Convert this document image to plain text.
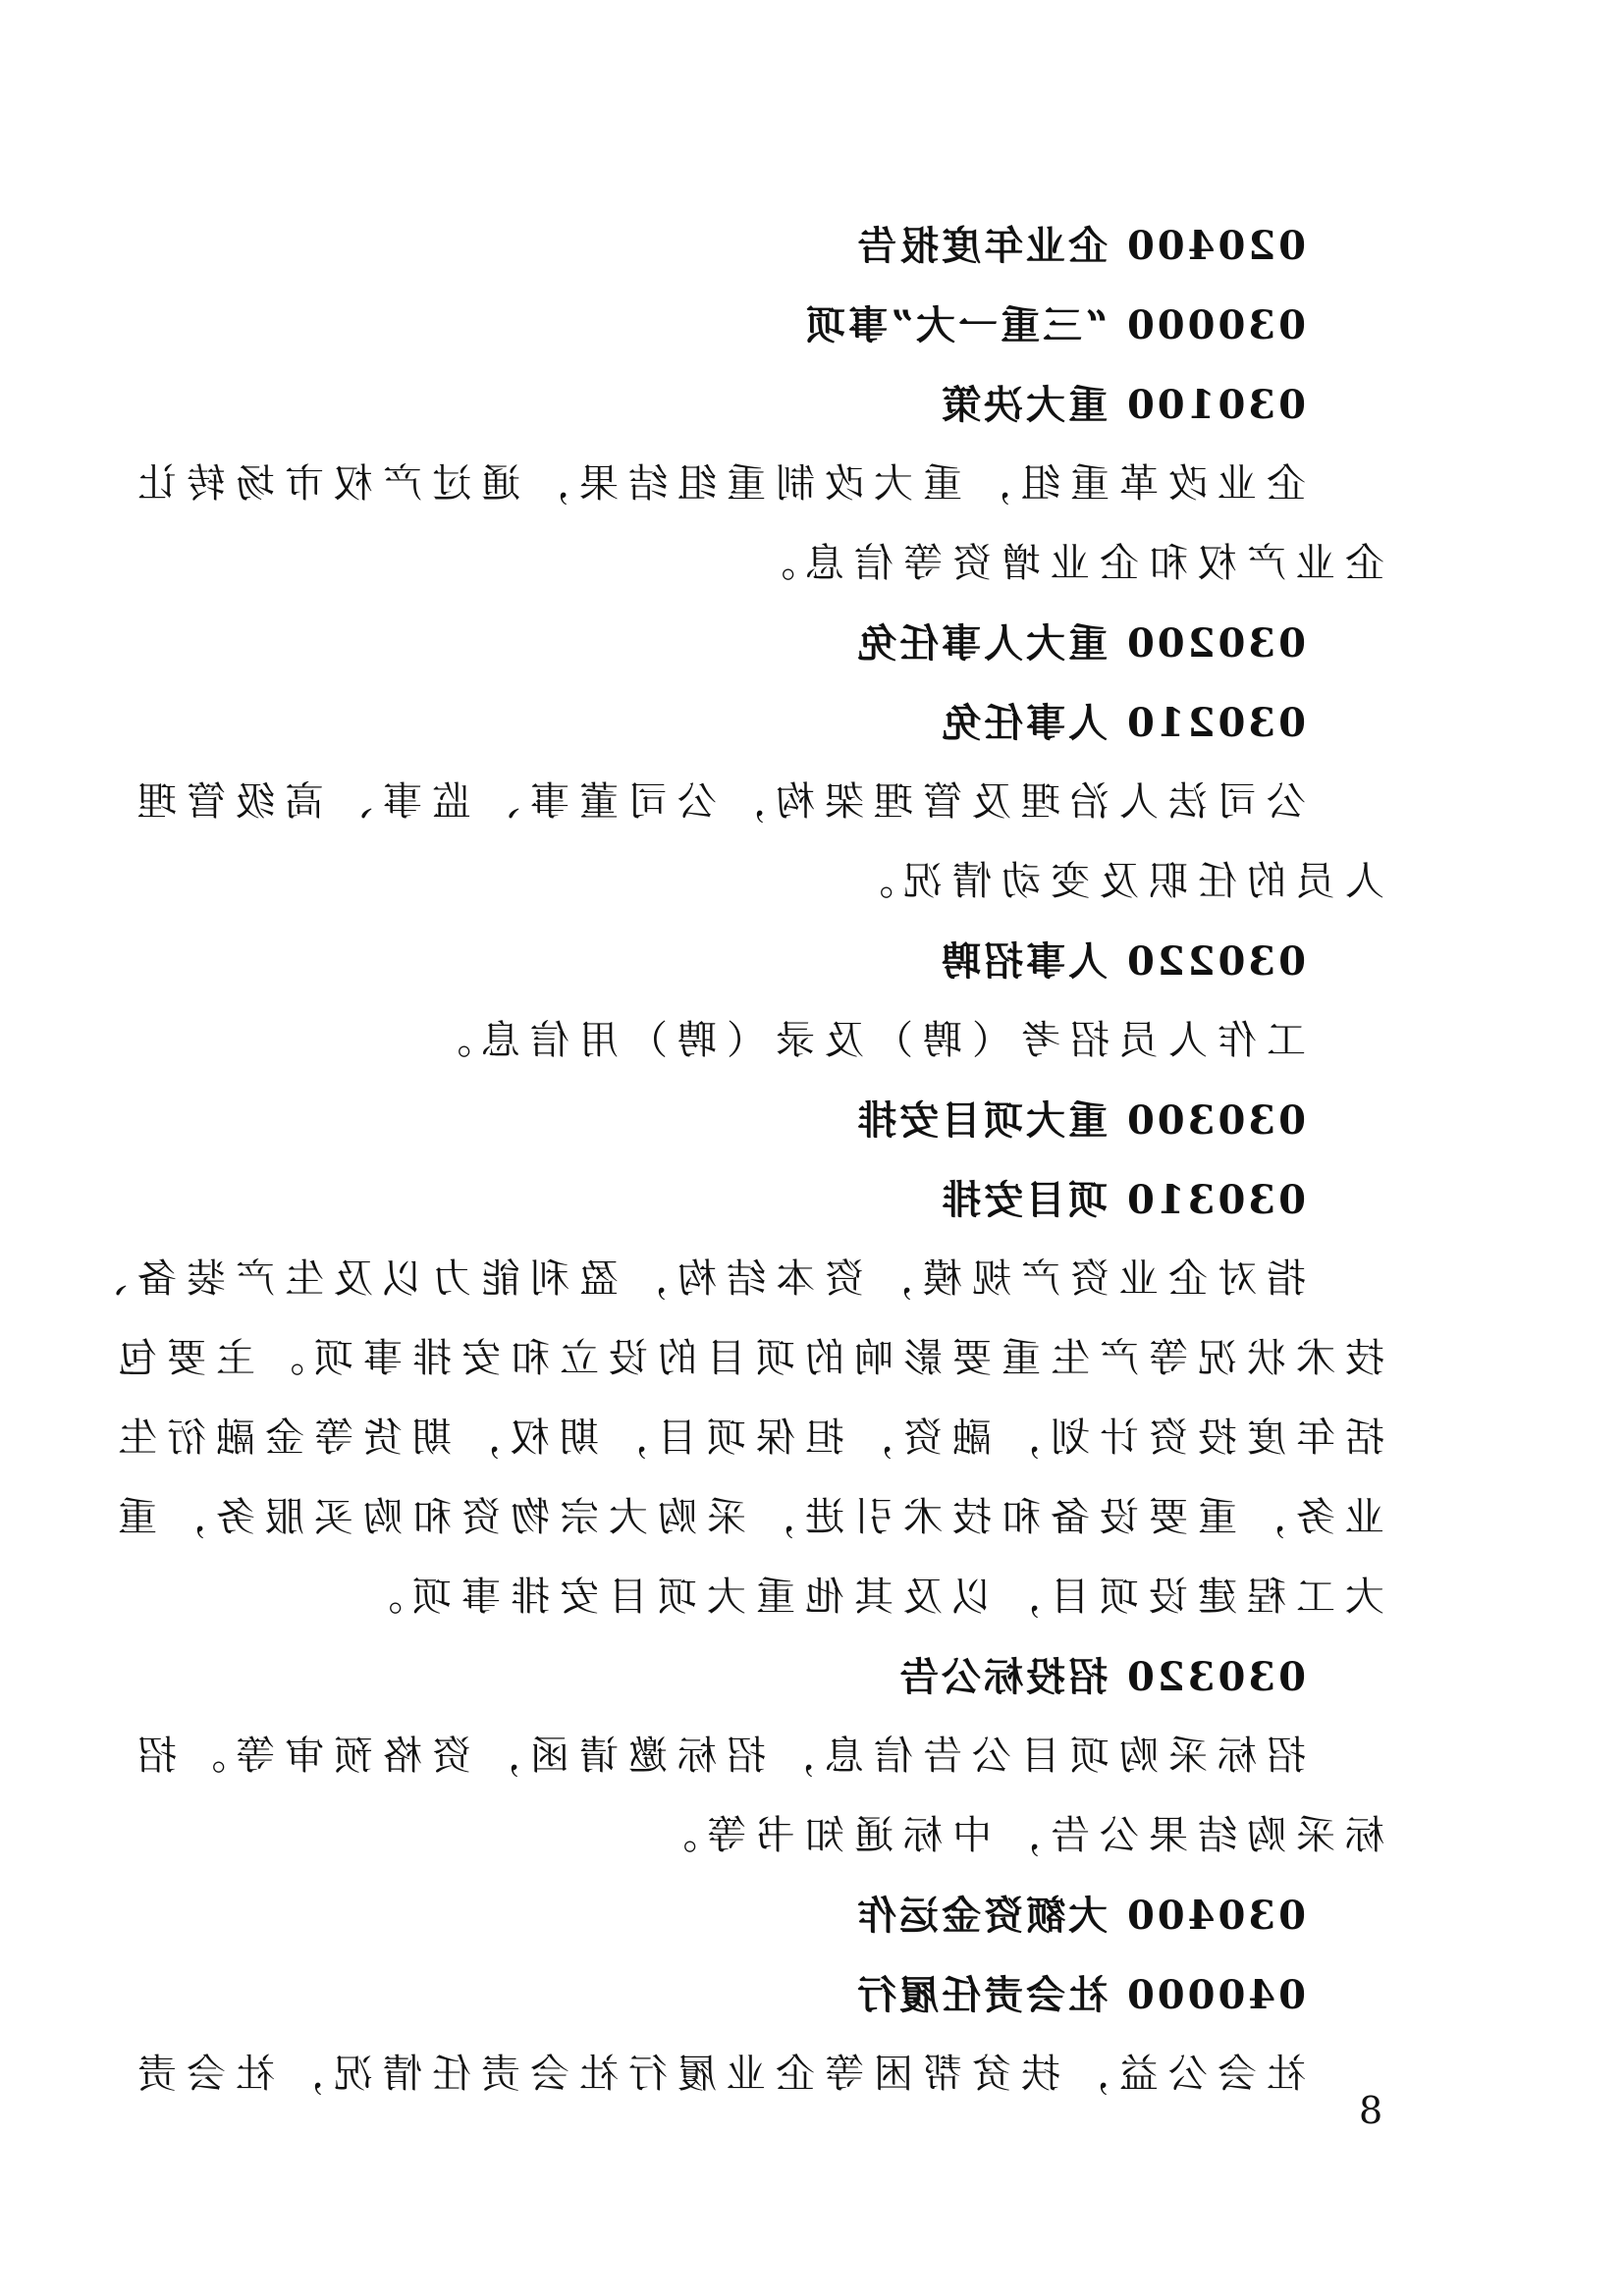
020400 企业年度报告
030000 “三重一大”事项
030100 重大决策
企业改革重组，重大改制重组结果，通过产权市场转让
企业产权和企业增资等信息。
030200 重大人事任免
030210 人事任免
公司法人治理及管理架构，公司董事、监事、高级管理
人员的任职及变动情况。
030220 人事招聘
工作人员招考（聘）及录（聘）用信息。
030300 重大项目安排
030310 项目安排
指对企业资产规模，资本结构，盈利能力以及生产装备、
技术状况等产生重要影响的项目的设立和安排事项。主要包
括年度投资计划，融资，担保项目，期权，期货等金融衍生
业务，重要设备和技术引进，采购大宗物资和购买服务，重
大工程建设项目，以及其他重大项目安排事项。
030320 招投标公告
招标采购项目公告信息，招标邀请函，资格预审等。招
标采购结果公告，中标通知书等。
030400 大额资金运作
040000 社会责任履行
社会公益，扶贫帮困等企业履行社会责任情况，社会责
8
